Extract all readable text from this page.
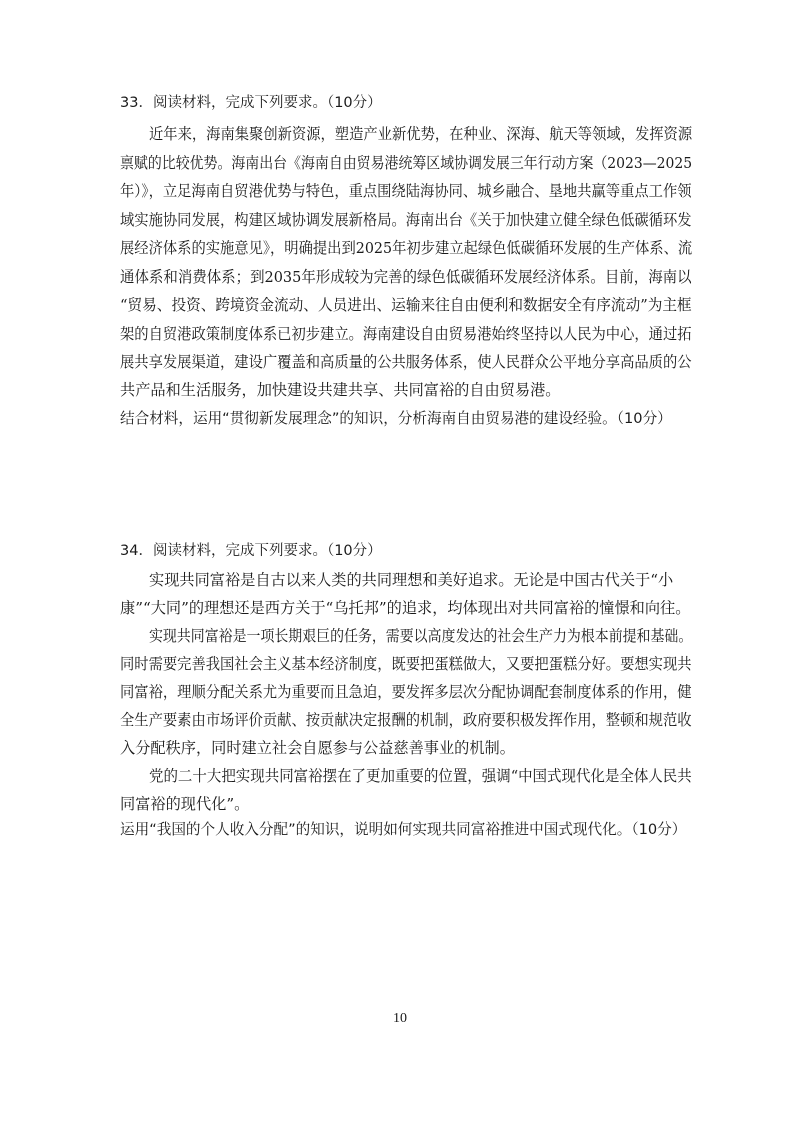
33．阅读材料，完成下列要求。（10分）
近年来，海南集聚创新资源，塑造产业新优势，在种业、深海、航天等领域，发挥资源
禀赋的比较优势。海南出台《海南自由贸易港统筹区域协调发展三年行动方案（2023—2025
年）》，立足海南自贸港优势与特色，重点围绕陆海协同、城乡融合、垦地共赢等重点工作领
域实施协同发展，构建区域协调发展新格局。海南出台《关于加快建立健全绿色低碳循环发
展经济体系的实施意见》，明确提出到2025年初步建立起绿色低碳循环发展的生产体系、流
通体系和消费体系；到2035年形成较为完善的绿色低碳循环发展经济体系。目前，海南以
“贸易、投资、跨境资金流动、人员进出、运输来往自由便利和数据安全有序流动”为主框
架的自贸港政策制度体系已初步建立。海南建设自由贸易港始终坚持以人民为中心，通过拓
展共享发展渠道，建设广覆盖和高质量的公共服务体系，使人民群众公平地分享高品质的公
共产品和生活服务，加快建设共建共享、共同富裕的自由贸易港。
结合材料，运用“贯彻新发展理念”的知识，分析海南自由贸易港的建设经验。（10分）
34．阅读材料，完成下列要求。（10分）
实现共同富裕是自古以来人类的共同理想和美好追求。无论是中国古代关于“小
康”“大同”的理想还是西方关于“乌托邦”的追求，均体现出对共同富裕的憧憬和向往。
实现共同富裕是一项长期艰巨的任务，需要以高度发达的社会生产力为根本前提和基础。
同时需要完善我国社会主义基本经济制度，既要把蛋糕做大，又要把蛋糕分好。要想实现共
同富裕，理顺分配关系尤为重要而且急迫，要发挥多层次分配协调配套制度体系的作用，健
全生产要素由市场评价贡献、按贡献决定报酬的机制，政府要积极发挥作用，整顿和规范收
入分配秩序，同时建立社会自愿参与公益慈善事业的机制。
党的二十大把实现共同富裕摆在了更加重要的位置，强调“中国式现代化是全体人民共
同富裕的现代化”。
运用“我国的个人收入分配”的知识，说明如何实现共同富裕推进中国式现代化。（10分）
10
